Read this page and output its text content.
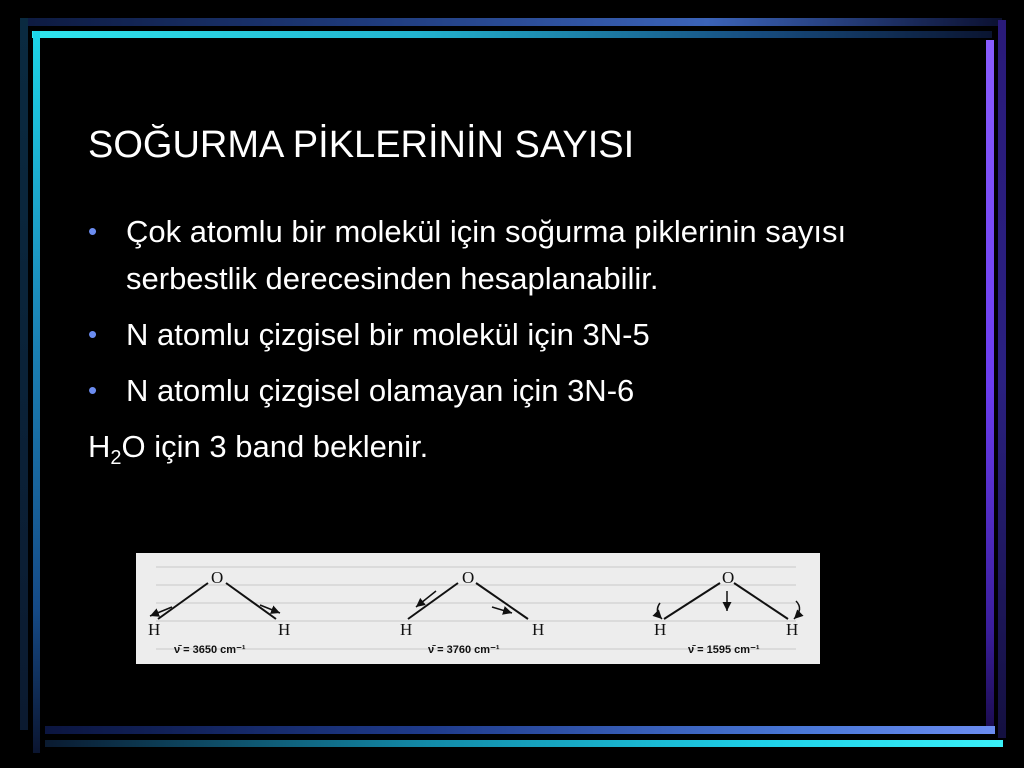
SOĞURMA PİKLERİNİN SAYISI
• Çok atomlu bir molekül için soğurma piklerinin sayısı serbestlik derecesinden hesaplanabilir.
• N atomlu çizgisel bir molekül için 3N-5
• N atomlu çizgisel olamayan için 3N-6
$H_2O$ için 3 band beklenir.
O
H	H
ν̄ = 3650 cm⁻¹
O
H	H
ν̄ = 3760 cm⁻¹
O
H	H
ν̄ = 1595 cm⁻¹
